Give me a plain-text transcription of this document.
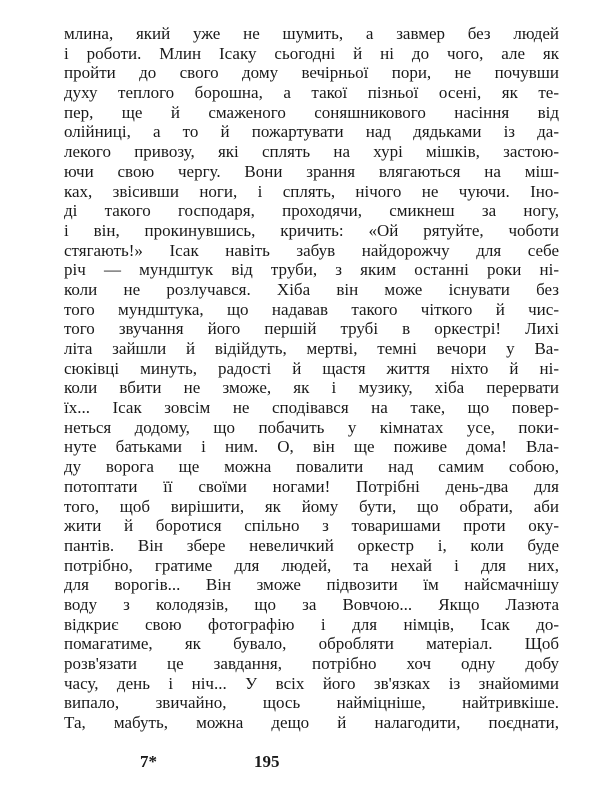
млина, який уже не шумить, а завмер без людей
і роботи. Млин Ісаку сьогодні й ні до чого, але як
пройти до свого дому вечірньої пори, не почувши
духу теплого борошна, а такої пізньої осені, як те-
пер, ще й смаженого соняшникового насіння від
олійниці, а то й пожартувати над дядьками із да-
лекого привозу, які сплять на хурі мішків, застою-
ючи свою чергу. Вони зрання влягаються на міш-
ках, звісивши ноги, і сплять, нічого не чуючи. Іно-
ді такого господаря, проходячи, смикнеш за ногу,
і він, прокинувшись, кричить: «Ой рятуйте, чоботи
стягають!» Ісак навіть забув найдорожчу для себе
річ — мундштук від труби, з яким останні роки ні-
коли не розлучався. Хіба він може існувати без
того мундштука, що надавав такого чіткого й чис-
того звучання його першій трубі в оркестрі! Лихі
літа зайшли й відійдуть, мертві, темні вечори у Ва-
сюківці минуть, радості й щастя життя ніхто й ні-
коли вбити не зможе, як і музику, хіба перервати
їх... Ісак зовсім не сподівався на таке, що повер-
неться додому, що побачить у кімнатах усе, поки-
нуте батьками і ним. О, він ще поживе дома! Вла-
ду ворога ще можна повалити над самим собою,
потоптати її своїми ногами! Потрібні день-два для
того, щоб вирішити, як йому бути, що обрати, аби
жити й боротися спільно з товаришами проти оку-
пантів. Він збере невеличкий оркестр і, коли буде
потрібно, гратиме для людей, та нехай і для них,
для ворогів... Він зможе підвозити їм найсмачнішу
воду з колодязів, що за Вовчою... Якщо Лазюта
відкриє свою фотографію і для німців, Ісак до-
помагатиме, як бувало, обробляти матеріал. Щоб
розв'язати це завдання, потрібно хоч одну добу
часу, день і ніч... У всіх його зв'язках із знайомими
випало, звичайно, щось найміцніше, найтривкіше.
Та, мабуть, можна дещо й налагодити, поєднати,
7*	195
